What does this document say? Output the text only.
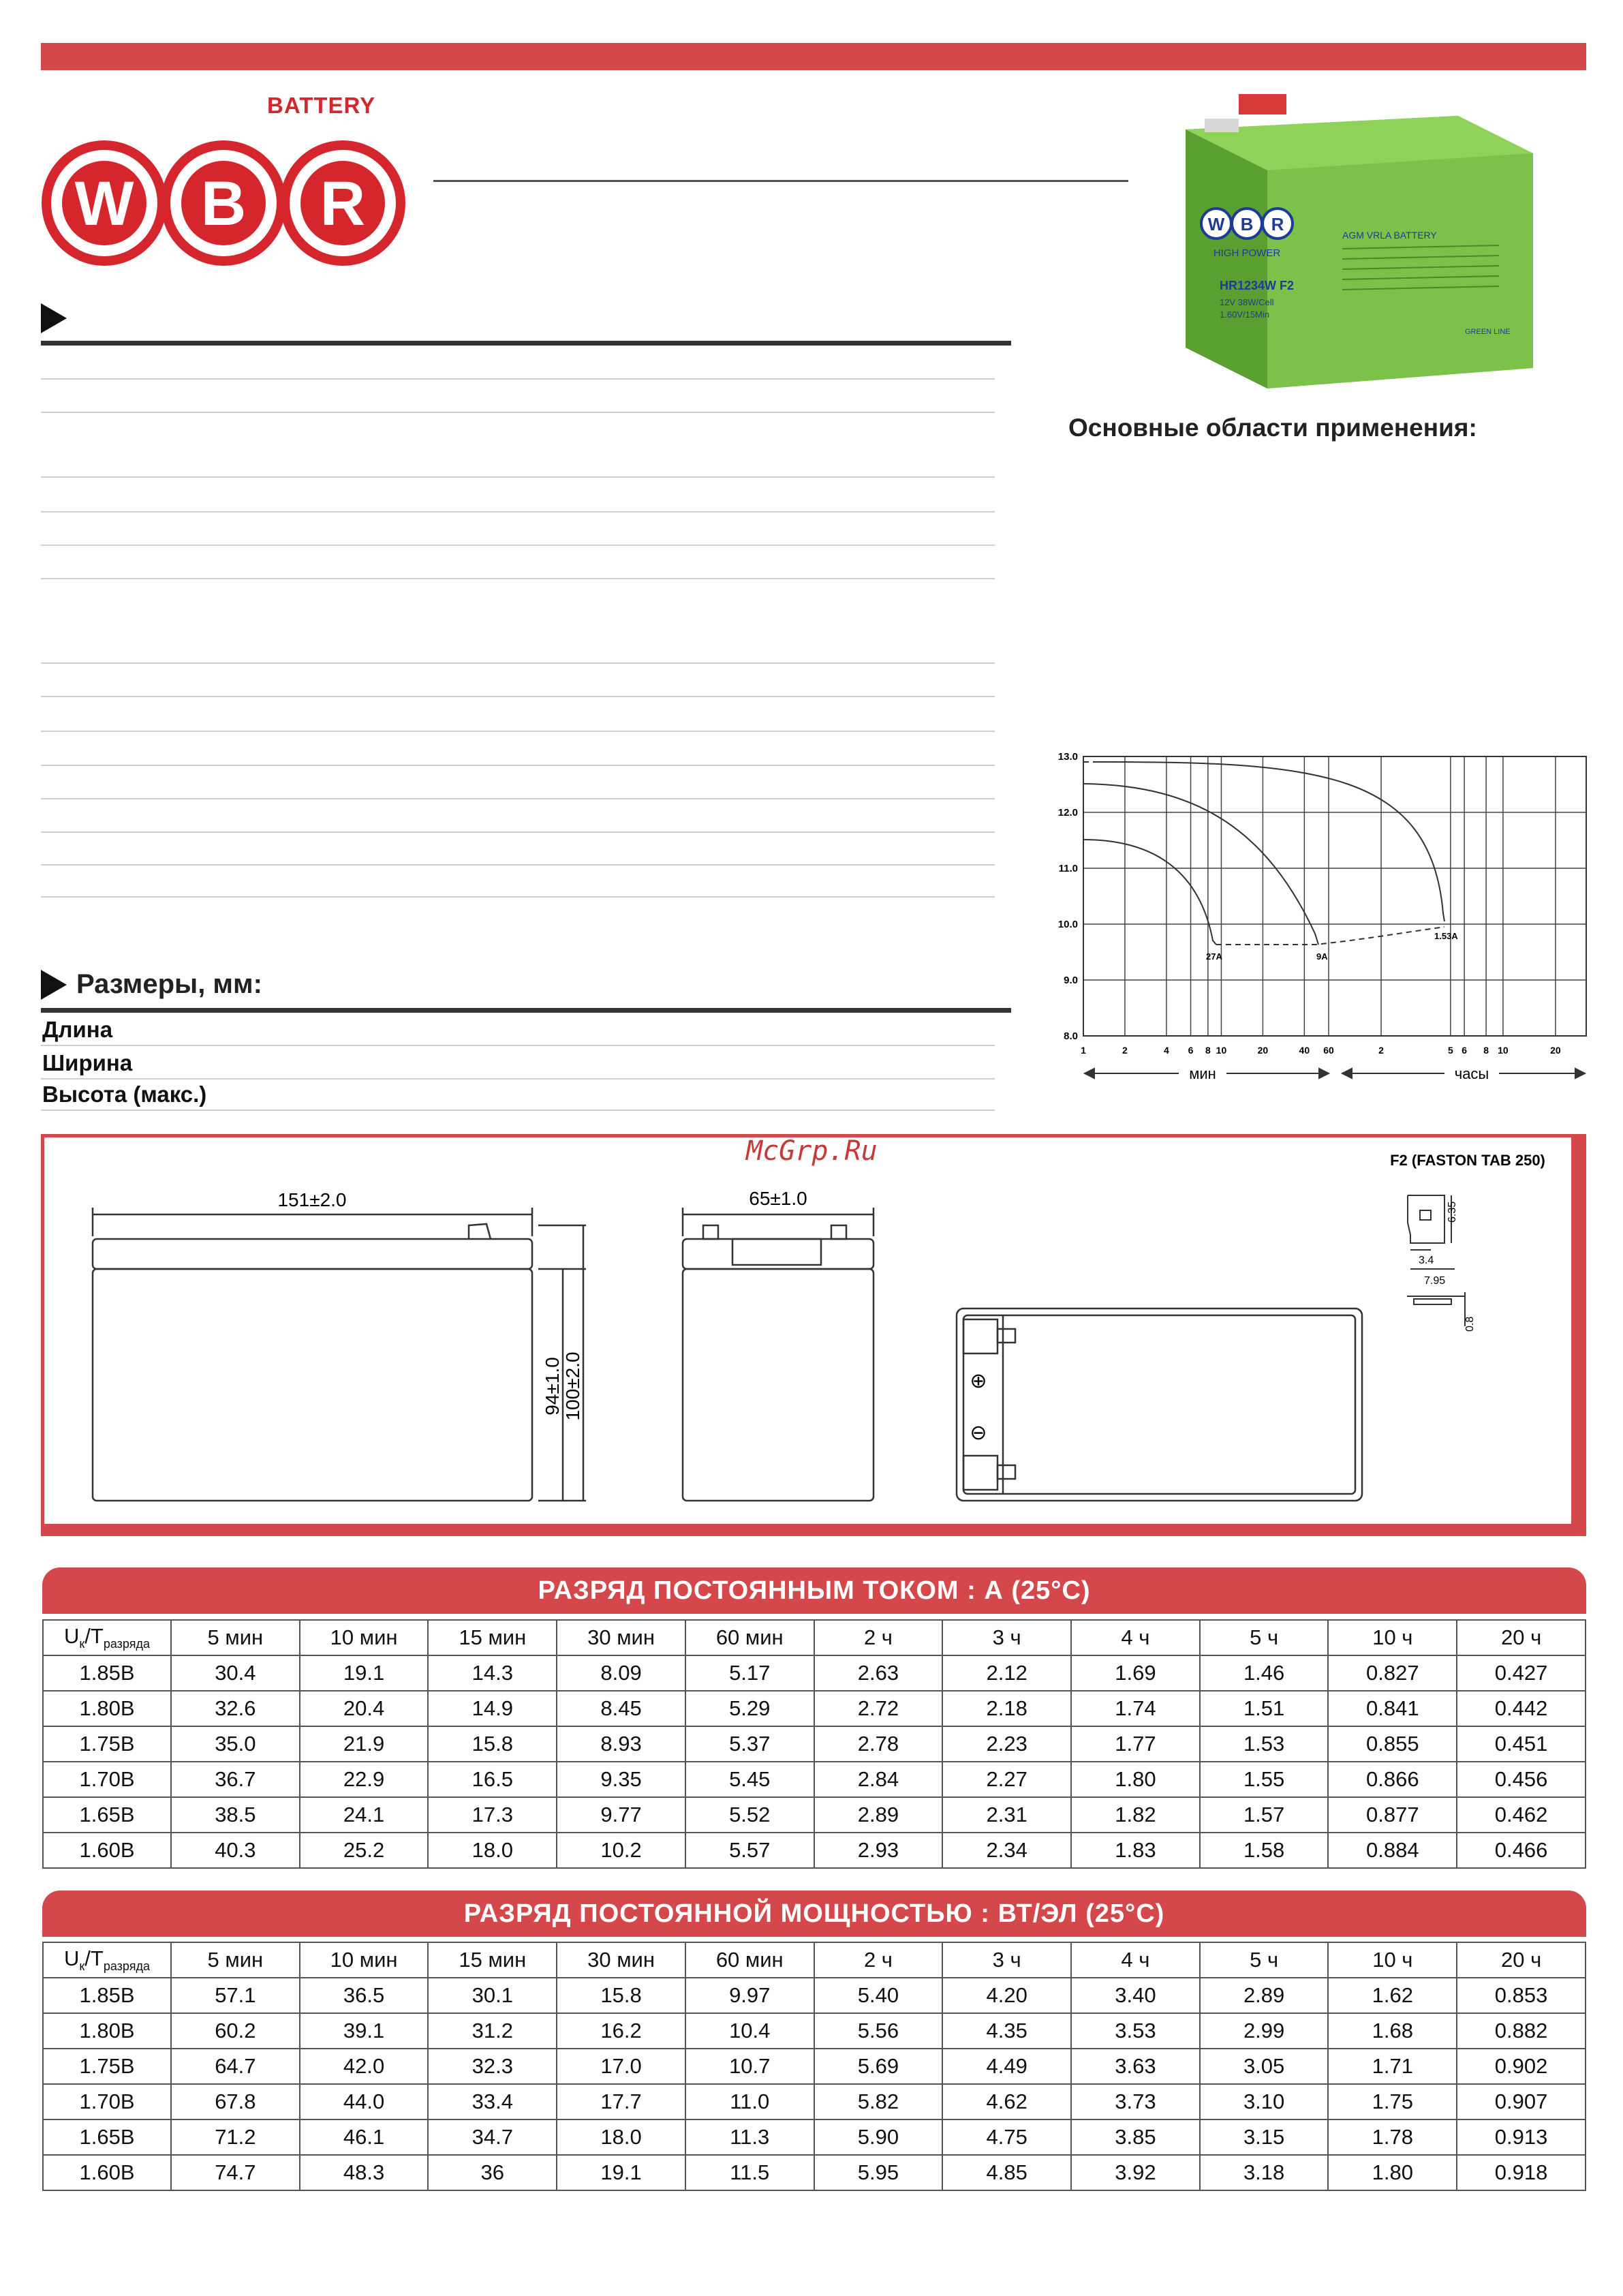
BATTERY
W B R	W B R
HIGH POWER
AGM VRLA BATTERY
HR1234W F2
12V 38W/Cell
1.60V/15Min
GREEN LINE
Основные области применения:
Размеры, мм:
Длина
Ширина
Высота (макс.)
13.0
12.0
11.0
10.0
9.0
8.0
1	2	4 6 8 10	20	40 60	2	5 6 8 10	20
27A	9A
1.53A
мин	часы
McGrp.Ru
151±2.0
94±1.0 100±2.0
65±1.0
⊕
⊖
F2 (FASTON TAB 250)
6.35
3.4
7.95
0.8
РАЗРЯД ПОСТОЯННЫМ ТОКОМ : А (25°С)
$U_к/T_{разряда}$	5 мин	10 мин	15 мин	30 мин	60 мин	2 ч	3 ч	4 ч	5 ч	10 ч	20 ч
1.85В	30.4	19.1	14.3	8.09	5.17	2.63	2.12	1.69	1.46	0.827	0.427
1.80В	32.6	20.4	14.9	8.45	5.29	2.72	2.18	1.74	1.51	0.841	0.442
1.75В	35.0	21.9	15.8	8.93	5.37	2.78	2.23	1.77	1.53	0.855	0.451
1.70В	36.7	22.9	16.5	9.35	5.45	2.84	2.27	1.80	1.55	0.866	0.456
1.65В	38.5	24.1	17.3	9.77	5.52	2.89	2.31	1.82	1.57	0.877	0.462
1.60В	40.3	25.2	18.0	10.2	5.57	2.93	2.34	1.83	1.58	0.884	0.466
РАЗРЯД ПОСТОЯННОЙ МОЩНОСТЬЮ : ВТ/ЭЛ (25°С)
$U_к/T_{разряда}$	5 мин	10 мин	15 мин	30 мин	60 мин	2 ч	3 ч	4 ч	5 ч	10 ч	20 ч
1.85В	57.1	36.5	30.1	15.8	9.97	5.40	4.20	3.40	2.89	1.62	0.853
1.80В	60.2	39.1	31.2	16.2	10.4	5.56	4.35	3.53	2.99	1.68	0.882
1.75В	64.7	42.0	32.3	17.0	10.7	5.69	4.49	3.63	3.05	1.71	0.902
1.70В	67.8	44.0	33.4	17.7	11.0	5.82	4.62	3.73	3.10	1.75	0.907
1.65В	71.2	46.1	34.7	18.0	11.3	5.90	4.75	3.85	3.15	1.78	0.913
1.60В	74.7	48.3	36	19.1	11.5	5.95	4.85	3.92	3.18	1.80	0.918
